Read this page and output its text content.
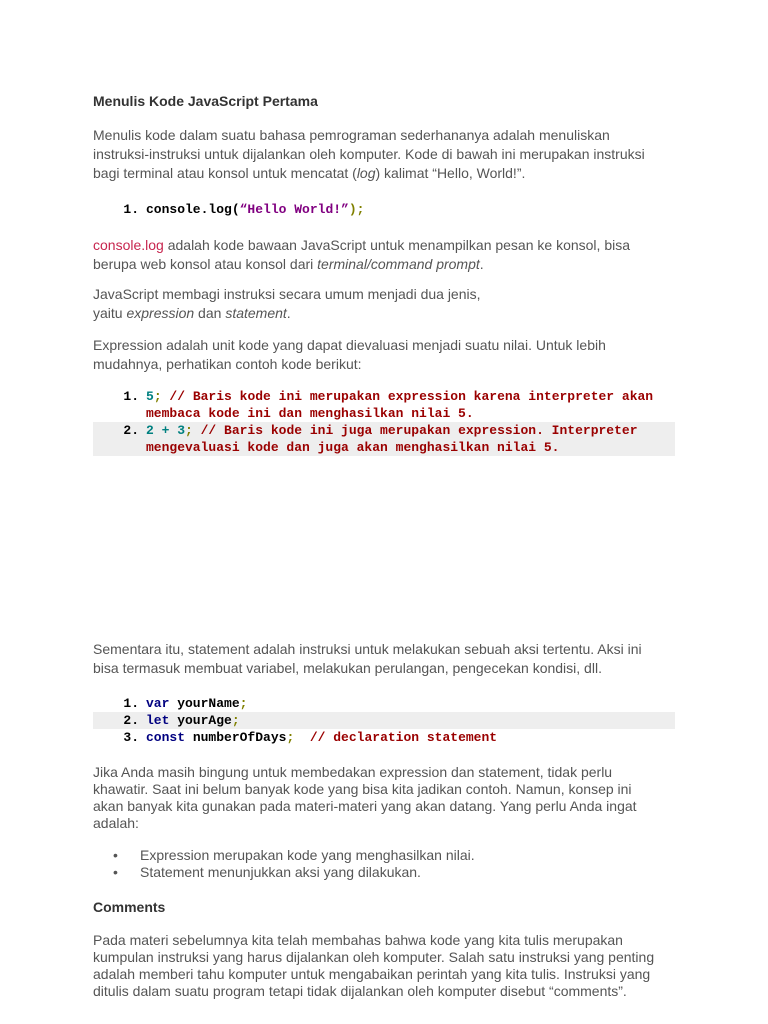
Menulis Kode JavaScript Pertama

Menulis kode dalam suatu bahasa pemrograman sederhananya adalah menuliskan
instruksi-instruksi untuk dijalankan oleh komputer. Kode di bawah ini merupakan instruksi
bagi terminal atau konsol untuk mencatat (log) kalimat “Hello, World!”.

1. console.log(“Hello World!”);

console.log adalah kode bawaan JavaScript untuk menampilkan pesan ke konsol, bisa
berupa web konsol atau konsol dari terminal/command prompt.

JavaScript membagi instruksi secara umum menjadi dua jenis,
yaitu expression dan statement.

Expression adalah unit kode yang dapat dievaluasi menjadi suatu nilai. Untuk lebih
mudahnya, perhatikan contoh kode berikut:

1. 5; // Baris kode ini merupakan expression karena interpreter akan
membaca kode ini dan menghasilkan nilai 5.
2. 2 + 3; // Baris kode ini juga merupakan expression. Interpreter
mengevaluasi kode dan juga akan menghasilkan nilai 5.

Sementara itu, statement adalah instruksi untuk melakukan sebuah aksi tertentu. Aksi ini
bisa termasuk membuat variabel, melakukan perulangan, pengecekan kondisi, dll.

1. var yourName;
2. let yourAge;
3. const numberOfDays;  // declaration statement

Jika Anda masih bingung untuk membedakan expression dan statement, tidak perlu
khawatir. Saat ini belum banyak kode yang bisa kita jadikan contoh. Namun, konsep ini
akan banyak kita gunakan pada materi-materi yang akan datang. Yang perlu Anda ingat
adalah:

• Expression merupakan kode yang menghasilkan nilai.
• Statement menunjukkan aksi yang dilakukan.

Comments

Pada materi sebelumnya kita telah membahas bahwa kode yang kita tulis merupakan
kumpulan instruksi yang harus dijalankan oleh komputer. Salah satu instruksi yang penting
adalah memberi tahu komputer untuk mengabaikan perintah yang kita tulis. Instruksi yang
ditulis dalam suatu program tetapi tidak dijalankan oleh komputer disebut “comments”.
